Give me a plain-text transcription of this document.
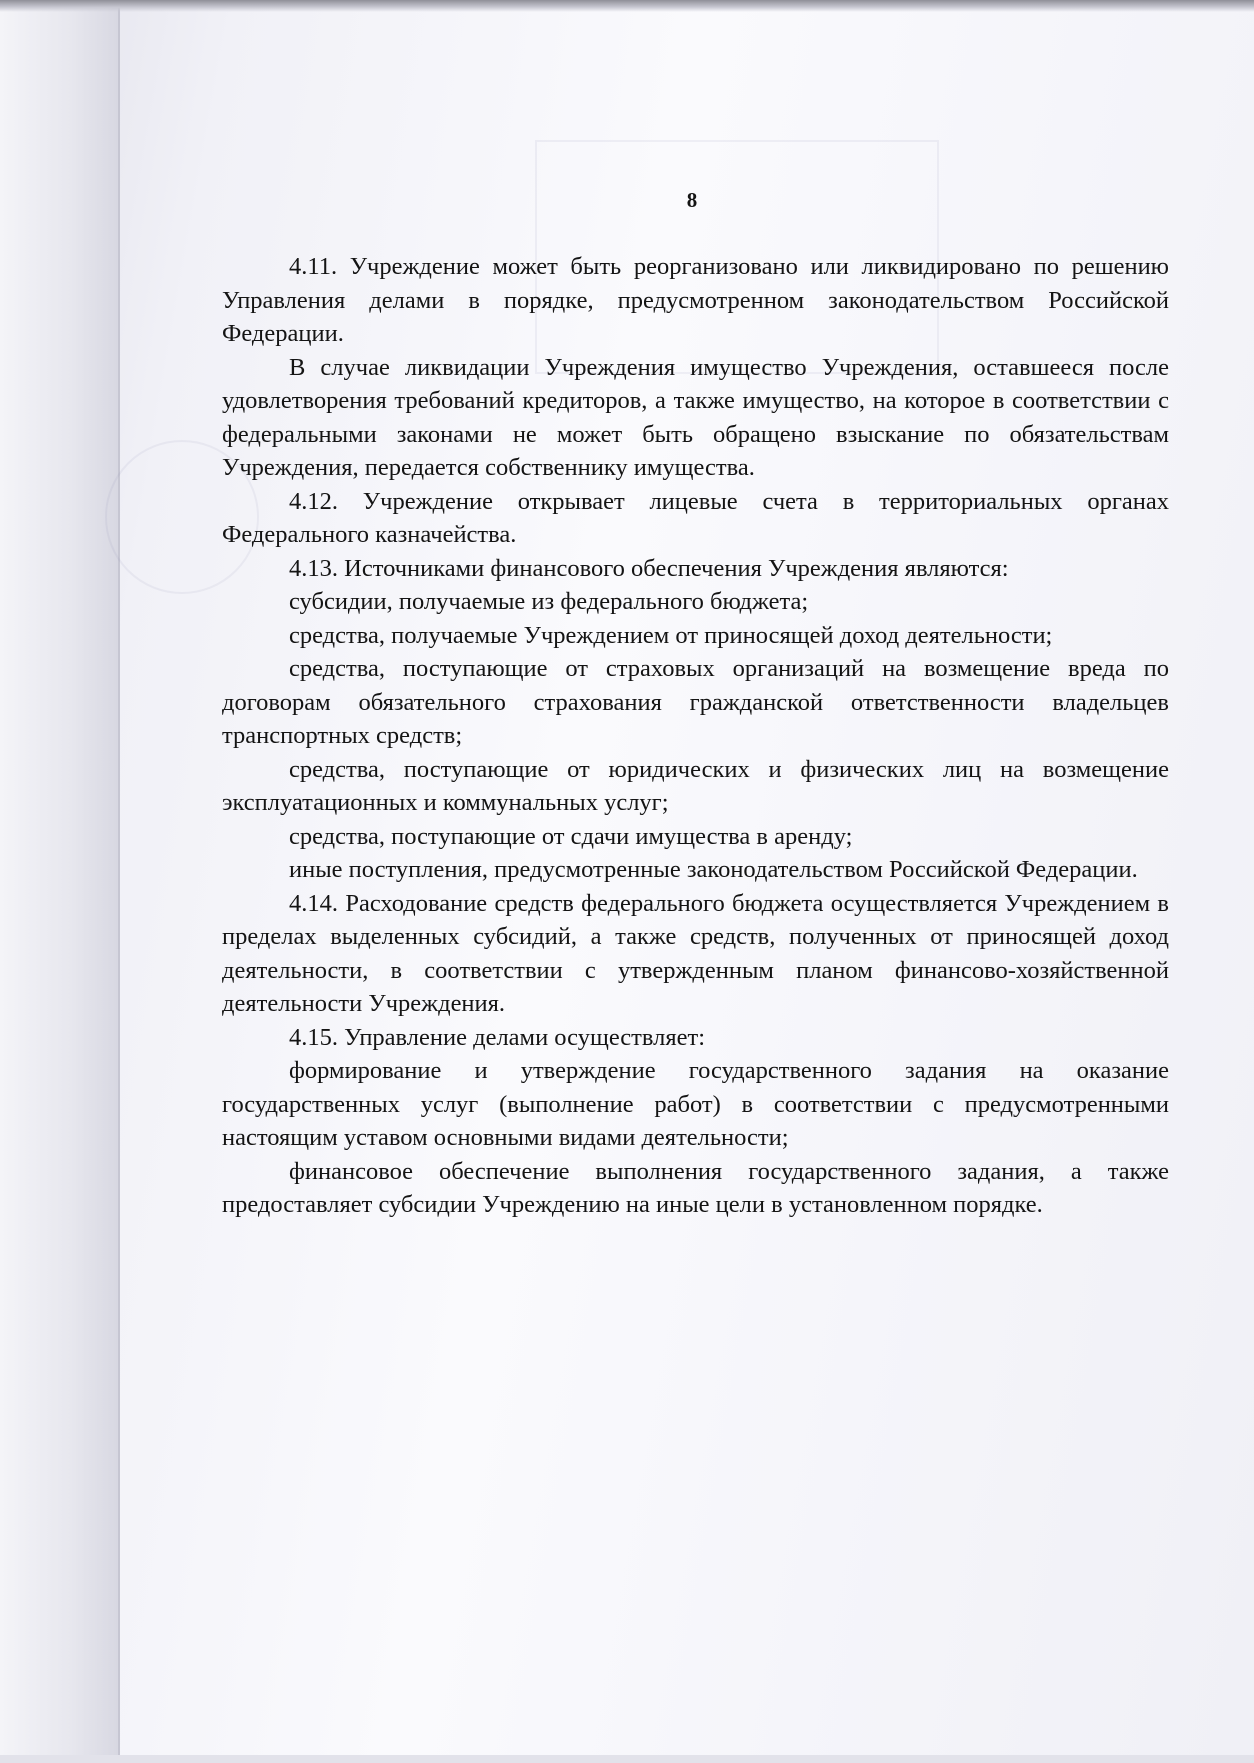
8

4.11. Учреждение может быть реорганизовано или ликвидировано по решению Управления делами в порядке, предусмотренном законодательством Российской Федерации.

В случае ликвидации Учреждения имущество Учреждения, оставшееся после удовлетворения требований кредиторов, а также имущество, на которое в соответствии с федеральными законами не может быть обращено взыскание по обязательствам Учреждения, передается собственнику имущества.

4.12. Учреждение открывает лицевые счета в территориальных органах Федерального казначейства.

4.13. Источниками финансового обеспечения Учреждения являются:

субсидии, получаемые из федерального бюджета;

средства, получаемые Учреждением от приносящей доход деятельности;

средства, поступающие от страховых организаций на возмещение вреда по договорам обязательного страхования гражданской ответственности владельцев транспортных средств;

средства, поступающие от юридических и физических лиц на возмещение эксплуатационных и коммунальных услуг;

средства, поступающие от сдачи имущества в аренду;

иные поступления, предусмотренные законодательством Российской Федерации.

4.14. Расходование средств федерального бюджета осуществляется Учреждением в пределах выделенных субсидий, а также средств, полученных от приносящей доход деятельности, в соответствии с утвержденным планом финансово-хозяйственной деятельности Учреждения.

4.15. Управление делами осуществляет:

формирование и утверждение государственного задания на оказание государственных услуг (выполнение работ) в соответствии с предусмотренными настоящим уставом основными видами деятельности;

финансовое обеспечение выполнения государственного задания, а также предоставляет субсидии Учреждению на иные цели в установленном порядке.
